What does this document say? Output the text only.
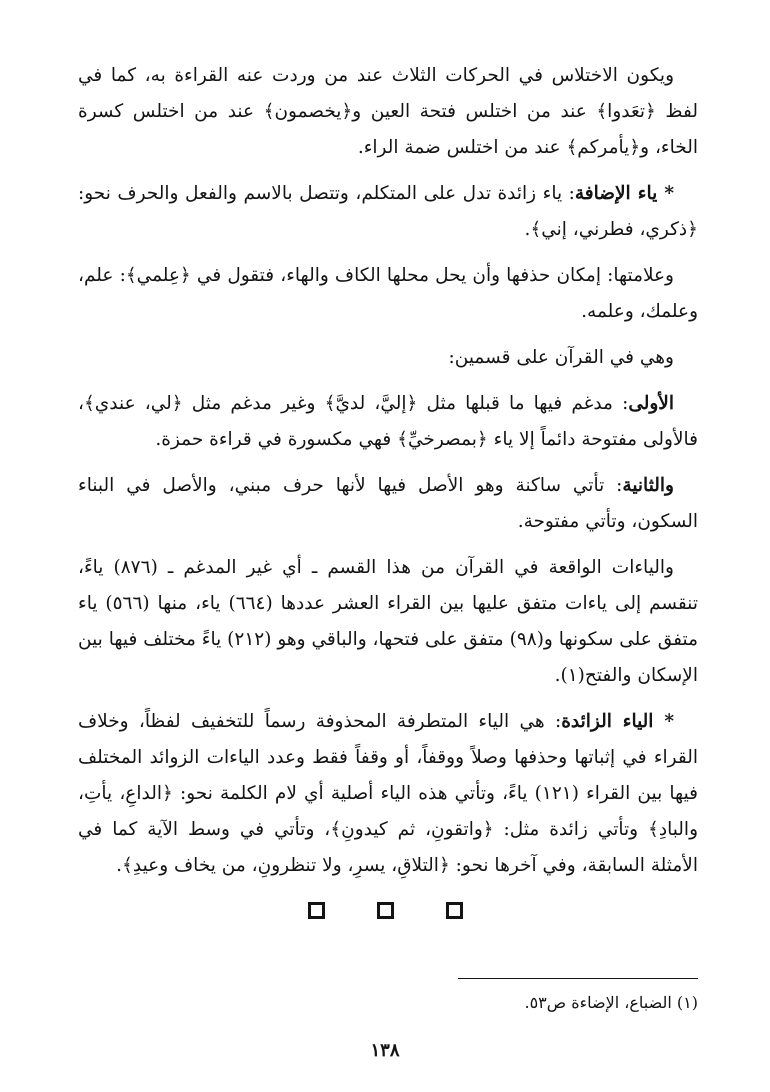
ويكون الاختلاس في الحركات الثلاث عند من وردت عنه القراءة به، كما في لفظ ﴿تعَدوا﴾ عند من اختلس فتحة العين و﴿يخصمون﴾ عند من اختلس كسرة الخاء، و﴿يأمركم﴾ عند من اختلس ضمة الراء.

* ياء الإضافة: ياء زائدة تدل على المتكلم، وتتصل بالاسم والفعل والحرف نحو: ﴿ذكري، فطرني، إني﴾.

وعلامتها: إمكان حذفها وأن يحل محلها الكاف والهاء، فتقول في ﴿عِلمي﴾: علم، وعلمك، وعلمه.

وهي في القرآن على قسمين:

الأولى: مدغم فيها ما قبلها مثل ﴿إليَّ، لديَّ﴾ وغير مدغم مثل ﴿لي، عندي﴾، فالأولى مفتوحة دائماً إلا ياء ﴿بمصرخيِّ﴾ فهي مكسورة في قراءة حمزة.

والثانية: تأتي ساكنة وهو الأصل فيها لأنها حرف مبني، والأصل في البناء السكون، وتأتي مفتوحة.

والياءات الواقعة في القرآن من هذا القسم ـ أي غير المدغم ـ (٨٧٦) ياءً، تنقسم إلى ياءات متفق عليها بين القراء العشر عددها (٦٦٤) ياء، منها (٥٦٦) ياء متفق على سكونها و(٩٨) متفق على فتحها، والباقي وهو (٢١٢) ياءً مختلف فيها بين الإسكان والفتح(١).

* الياء الزائدة: هي الياء المتطرفة المحذوفة رسماً للتخفيف لفظاً، وخلاف القراء في إثباتها وحذفها وصلاً ووقفاً، أو وقفاً فقط وعدد الياءات الزوائد المختلف فيها بين القراء (١٢١) ياءً، وتأتي هذه الياء أصلية أي لام الكلمة نحو: ﴿الداعِ، يأتِ، والبادِ﴾ وتأتي زائدة مثل: ﴿واتقونِ، ثم كيدونِ﴾، وتأتي في وسط الآية كما في الأمثلة السابقة، وفي آخرها نحو: ﴿التلاقِ، يسرِ، ولا تنظرونِ، من يخاف وعيدِ﴾.

(١) الضباع، الإضاءة ص٥٣.
١٣٨
